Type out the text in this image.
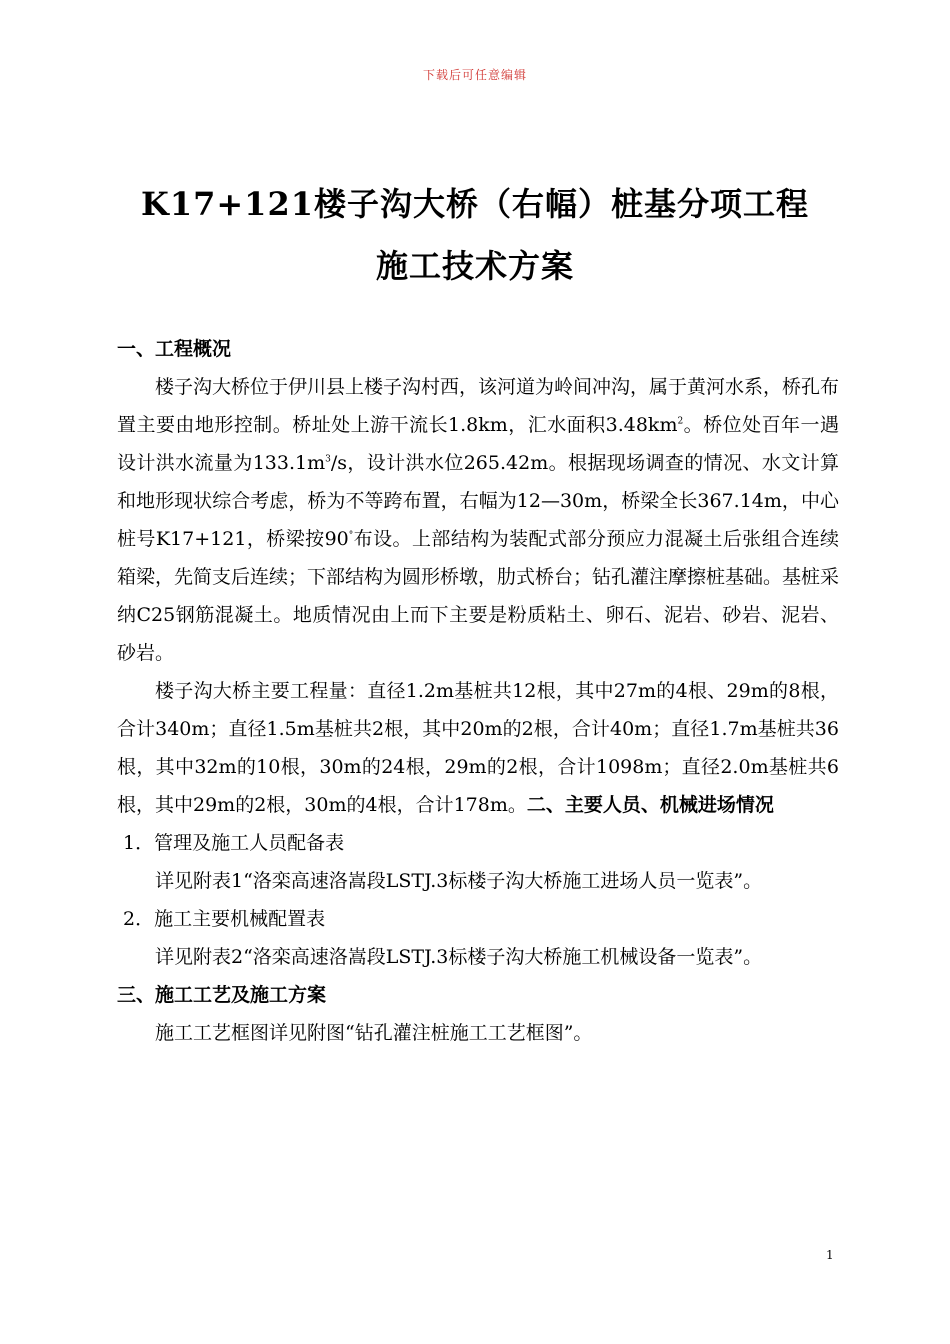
下载后可任意编辑
K17+121楼子沟大桥（右幅）桩基分项工程
施工技术方案

一、工程概况

楼子沟大桥位于伊川县上楼子沟村西，该河道为岭间冲沟，属于黄河水系，桥孔布置主要由地形控制。桥址处上游干流长1.8km，汇水面积$3.48km^2$。桥位处百年一遇设计洪水流量为$133.1m^3/s$，设计洪水位265.42m。根据现场调查的情况、水文计算和地形现状综合考虑，桥为不等跨布置，右幅为12—30m，桥梁全长367.14m，中心桩号K17+121，桥梁按90°布设。上部结构为装配式部分预应力混凝土后张组合连续箱梁，先简支后连续；下部结构为圆形桥墩，肋式桥台；钻孔灌注摩擦桩基础。基桩采纳C25钢筋混凝土。地质情况由上而下主要是粉质粘土、卵石、泥岩、砂岩、泥岩、砂岩。

楼子沟大桥主要工程量：直径1.2m基桩共12根，其中27m的4根、29m的8根，合计340m；直径1.5m基桩共2根，其中20m的2根，合计40m；直径1.7m基桩共36根，其中32m的10根，30m的24根，29m的2根，合计1098m；直径2.0m基桩共6根，其中29m的2根，30m的4根，合计178m。二、主要人员、机械进场情况

1．管理及施工人员配备表

详见附表1“洛栾高速洛嵩段LSTJ.3标楼子沟大桥施工进场人员一览表”。

2．施工主要机械配置表

详见附表2“洛栾高速洛嵩段LSTJ.3标楼子沟大桥施工机械设备一览表”。

三、施工工艺及施工方案

施工工艺框图详见附图“钻孔灌注桩施工工艺框图”。

1
